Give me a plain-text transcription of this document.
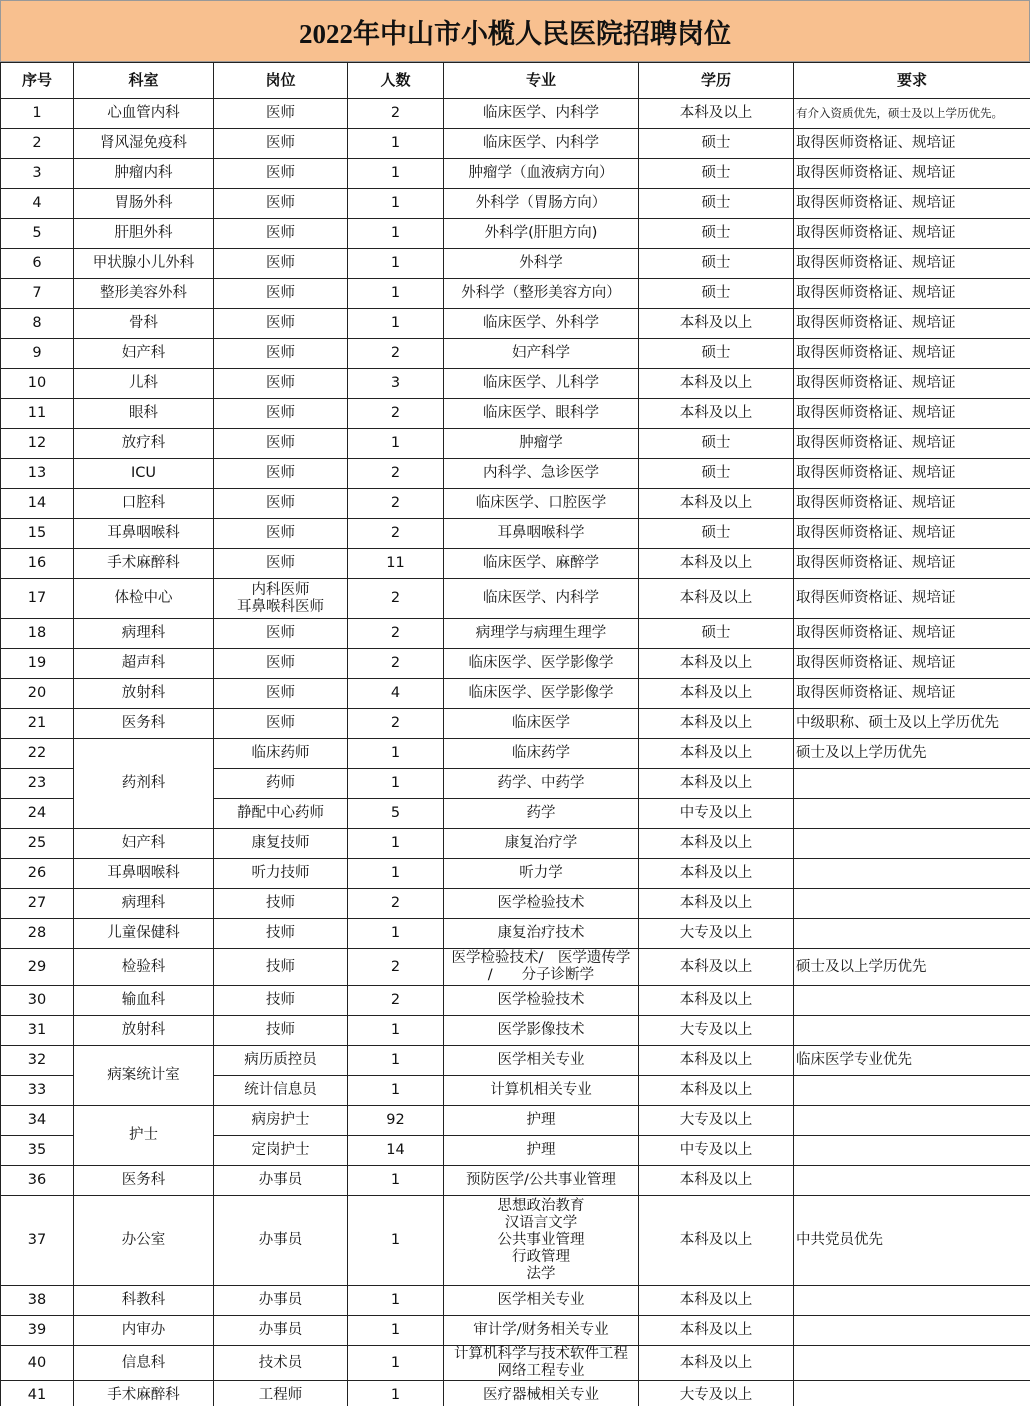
2022年中山市小榄人民医院招聘岗位
序号	科室	岗位	人数	专业	学历	要求
1	心血管内科	医师	2	临床医学、内科学	本科及以上	有介入资质优先，硕士及以上学历优先。
2	肾风湿免疫科	医师	1	临床医学、内科学	硕士	取得医师资格证、规培证
3	肿瘤内科	医师	1	肿瘤学（血液病方向）	硕士	取得医师资格证、规培证
4	胃肠外科	医师	1	外科学（胃肠方向）	硕士	取得医师资格证、规培证
5	肝胆外科	医师	1	外科学(肝胆方向)	硕士	取得医师资格证、规培证
6	甲状腺小儿外科	医师	1	外科学	硕士	取得医师资格证、规培证
7	整形美容外科	医师	1	外科学（整形美容方向）	硕士	取得医师资格证、规培证
8	骨科	医师	1	临床医学、外科学	本科及以上	取得医师资格证、规培证
9	妇产科	医师	2	妇产科学	硕士	取得医师资格证、规培证
10	儿科	医师	3	临床医学、儿科学	本科及以上	取得医师资格证、规培证
11	眼科	医师	2	临床医学、眼科学	本科及以上	取得医师资格证、规培证
12	放疗科	医师	1	肿瘤学	硕士	取得医师资格证、规培证
13	ICU	医师	2	内科学、急诊医学	硕士	取得医师资格证、规培证
14	口腔科	医师	2	临床医学、口腔医学	本科及以上	取得医师资格证、规培证
15	耳鼻咽喉科	医师	2	耳鼻咽喉科学	硕士	取得医师资格证、规培证
16	手术麻醉科	医师	11	临床医学、麻醉学	本科及以上	取得医师资格证、规培证
17	体检中心	内科医师
耳鼻喉科医师	2	临床医学、内科学	本科及以上	取得医师资格证、规培证
18	病理科	医师	2	病理学与病理生理学	硕士	取得医师资格证、规培证
19	超声科	医师	2	临床医学、医学影像学	本科及以上	取得医师资格证、规培证
20	放射科	医师	4	临床医学、医学影像学	本科及以上	取得医师资格证、规培证
21	医务科	医师	2	临床医学	本科及以上	中级职称、硕士及以上学历优先
22	药剂科	临床药师	1	临床药学	本科及以上	硕士及以上学历优先
23		药师	1	药学、中药学	本科及以上	
24		静配中心药师	5	药学	中专及以上	
25	妇产科	康复技师	1	康复治疗学	本科及以上	
26	耳鼻咽喉科	听力技师	1	听力学	本科及以上	
27	病理科	技师	2	医学检验技术	本科及以上	
28	儿童保健科	技师	1	康复治疗技术	大专及以上	
29	检验科	技师	2	医学检验技术/　医学遗传学
/　　分子诊断学	本科及以上	硕士及以上学历优先
30	输血科	技师	2	医学检验技术	本科及以上	
31	放射科	技师	1	医学影像技术	大专及以上	
32	病案统计室	病历质控员	1	医学相关专业	本科及以上	临床医学专业优先
33		统计信息员	1	计算机相关专业	本科及以上	
34	护士	病房护士	92	护理	大专及以上	
35		定岗护士	14	护理	中专及以上	
36	医务科	办事员	1	预防医学/公共事业管理	本科及以上	
37	办公室	办事员	1	思想政治教育
汉语言文学
公共事业管理
行政管理
法学	本科及以上	中共党员优先
38	科教科	办事员	1	医学相关专业	本科及以上	
39	内审办	办事员	1	审计学/财务相关专业	本科及以上	
40	信息科	技术员	1	计算机科学与技术软件工程
网络工程专业	本科及以上	
41	手术麻醉科	工程师	1	医疗器械相关专业	大专及以上	
